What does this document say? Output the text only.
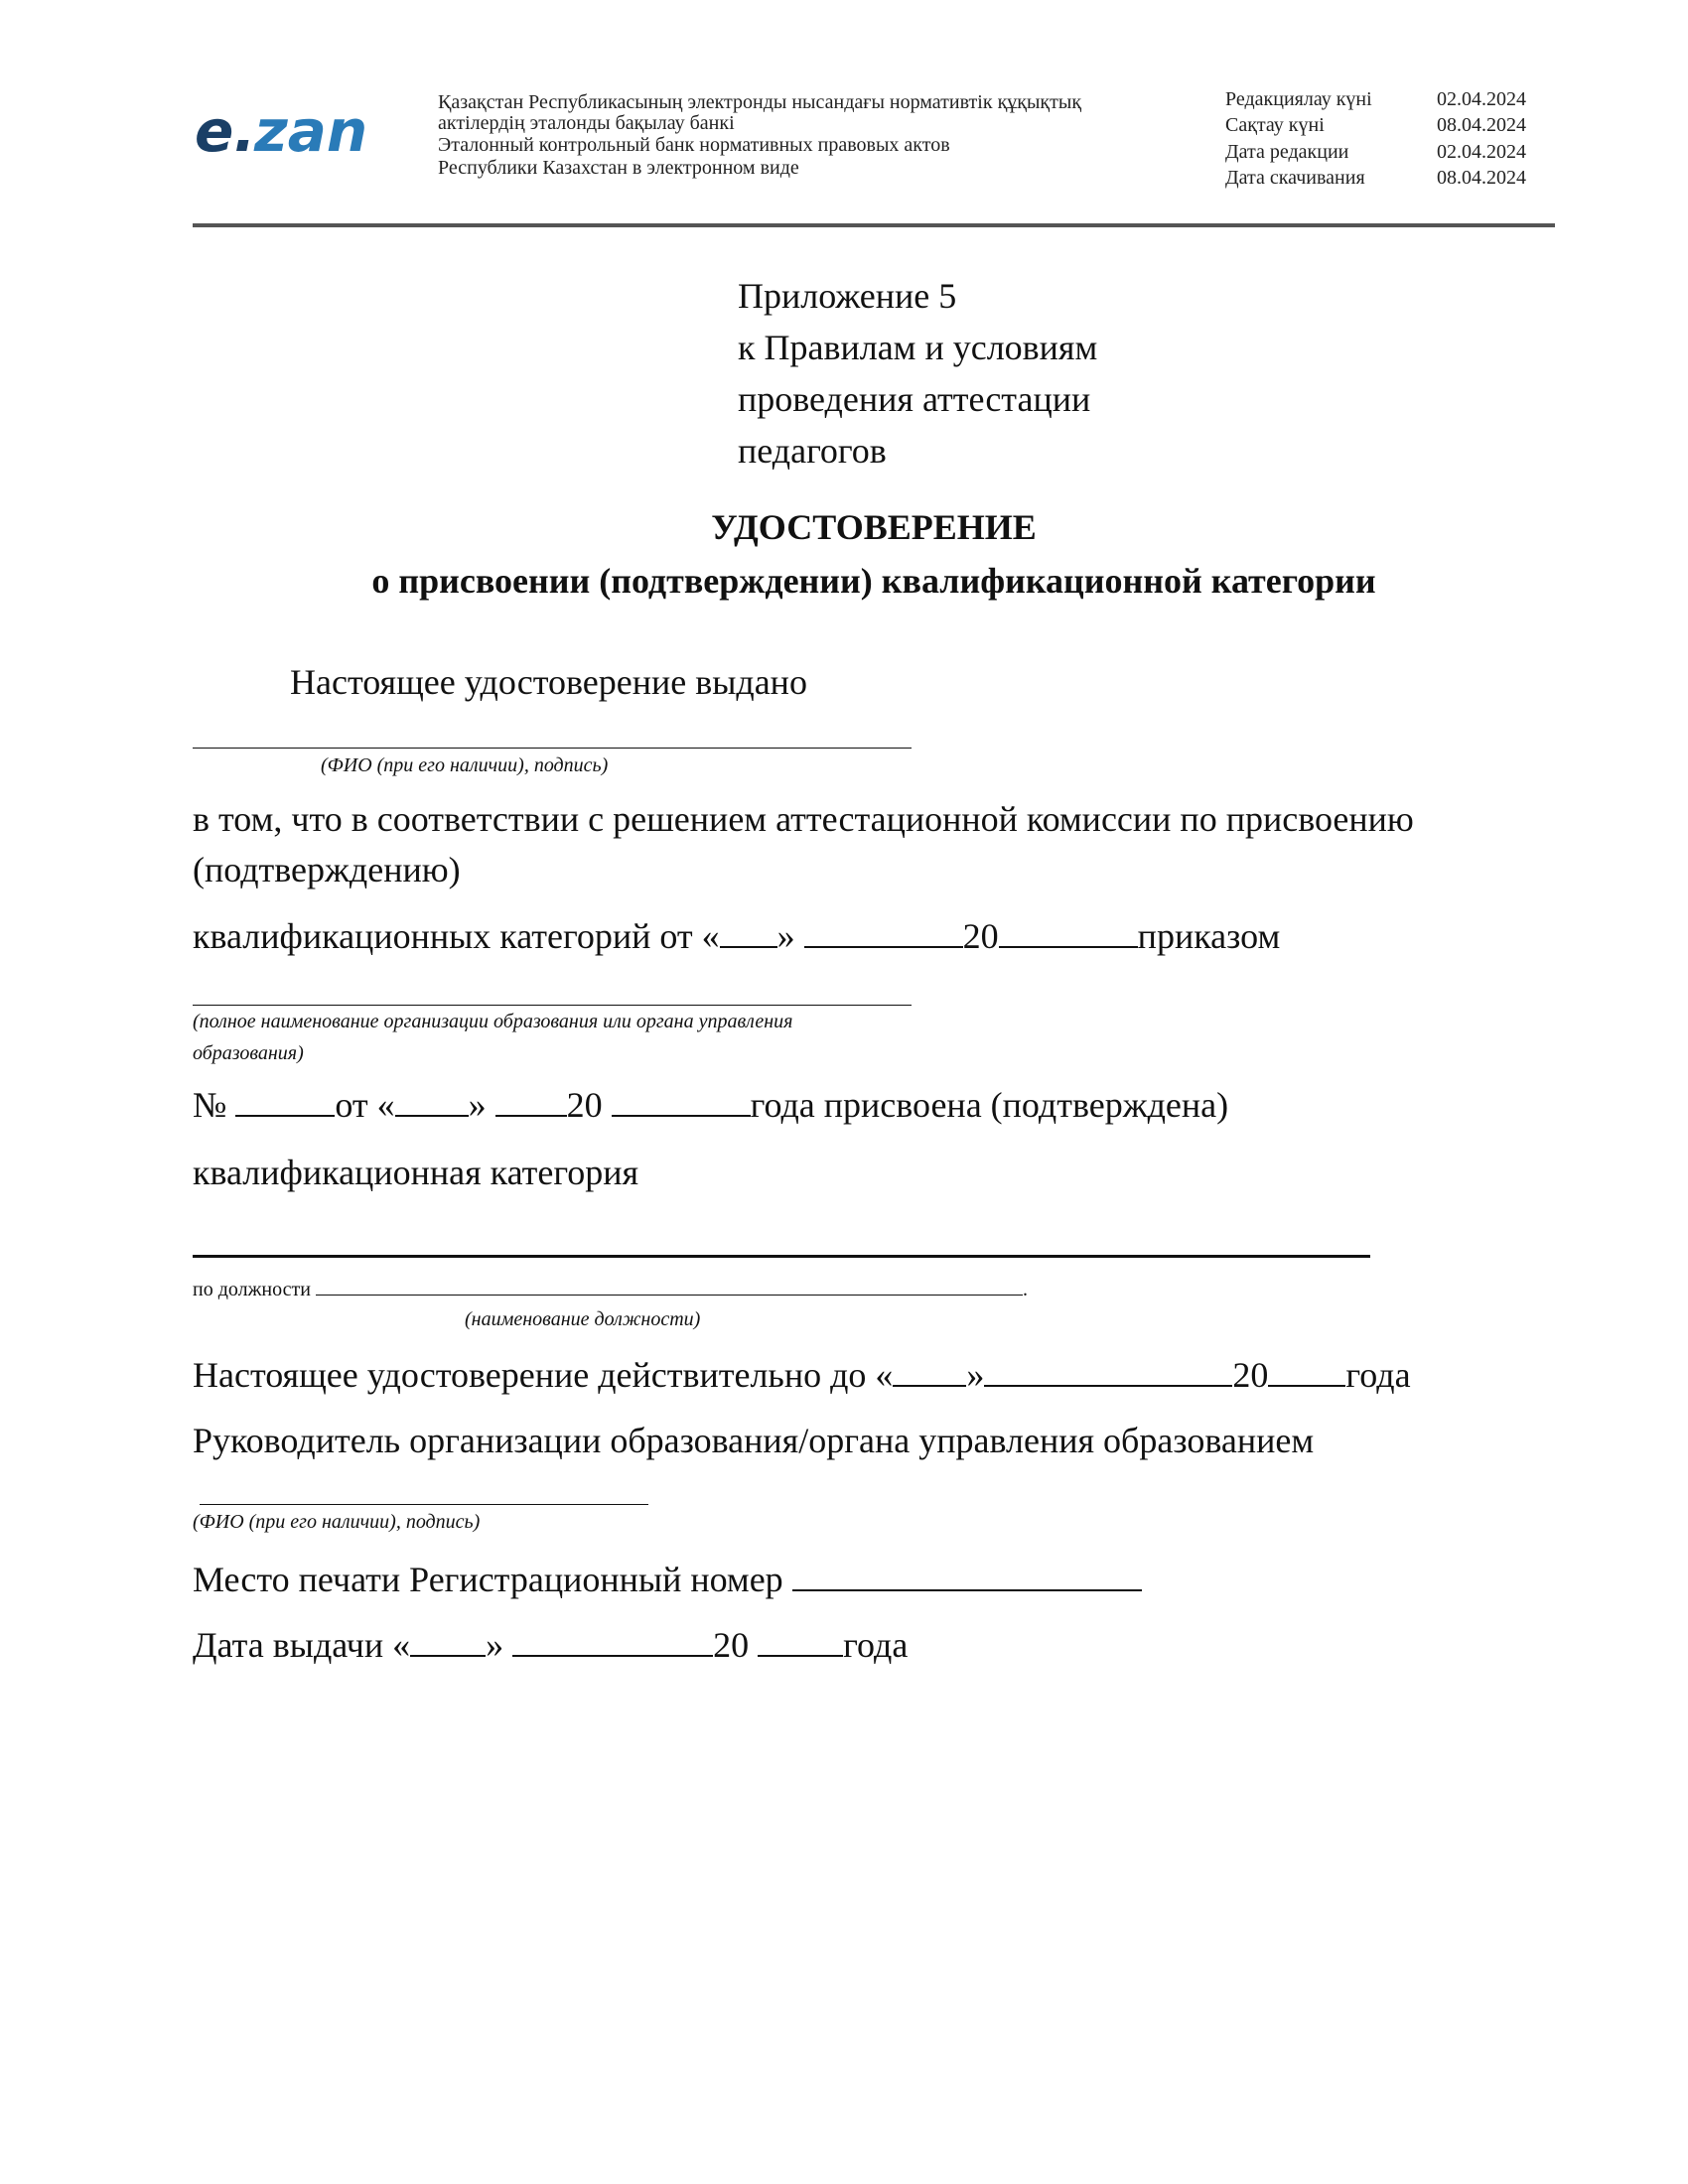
e.
zan	Қазақстан Республикасының электронды нысандағы нормативтік құқықтық
актілердің эталонды бақылау банкі
Эталонный контрольный банк нормативных правовых актов
Республики Казахстан в электронном виде
Редакциялау күні	02.04.2024
Сақтау күні	08.04.2024
Дата редакции	02.04.2024
Дата скачивания	08.04.2024
Приложение 5
к Правилам и условиям
проведения аттестации
педагогов
УДОСТОВЕРЕНИЕ
о присвоении (подтверждении) квалификационной категории
Настоящее удостоверение выдано
(ФИО (при его наличии), подпись)
в том, что в соответствии с решением аттестационной комиссии по присвоению
(подтверждению)
квалификационных категорий от « »	20	приказом
(полное наименование организации образования или органа управления
образования)
№	от « » 20	года присвоена (подтверждена)
квалификационная категория
по должности	.
(наименование должности)
Настоящее удостоверение действительно до « »	20 года
Руководитель организации образования/органа управления образованием
(ФИО (при его наличии), подпись)
Место печати Регистрационный номер
Дата выдачи « »	20	года
